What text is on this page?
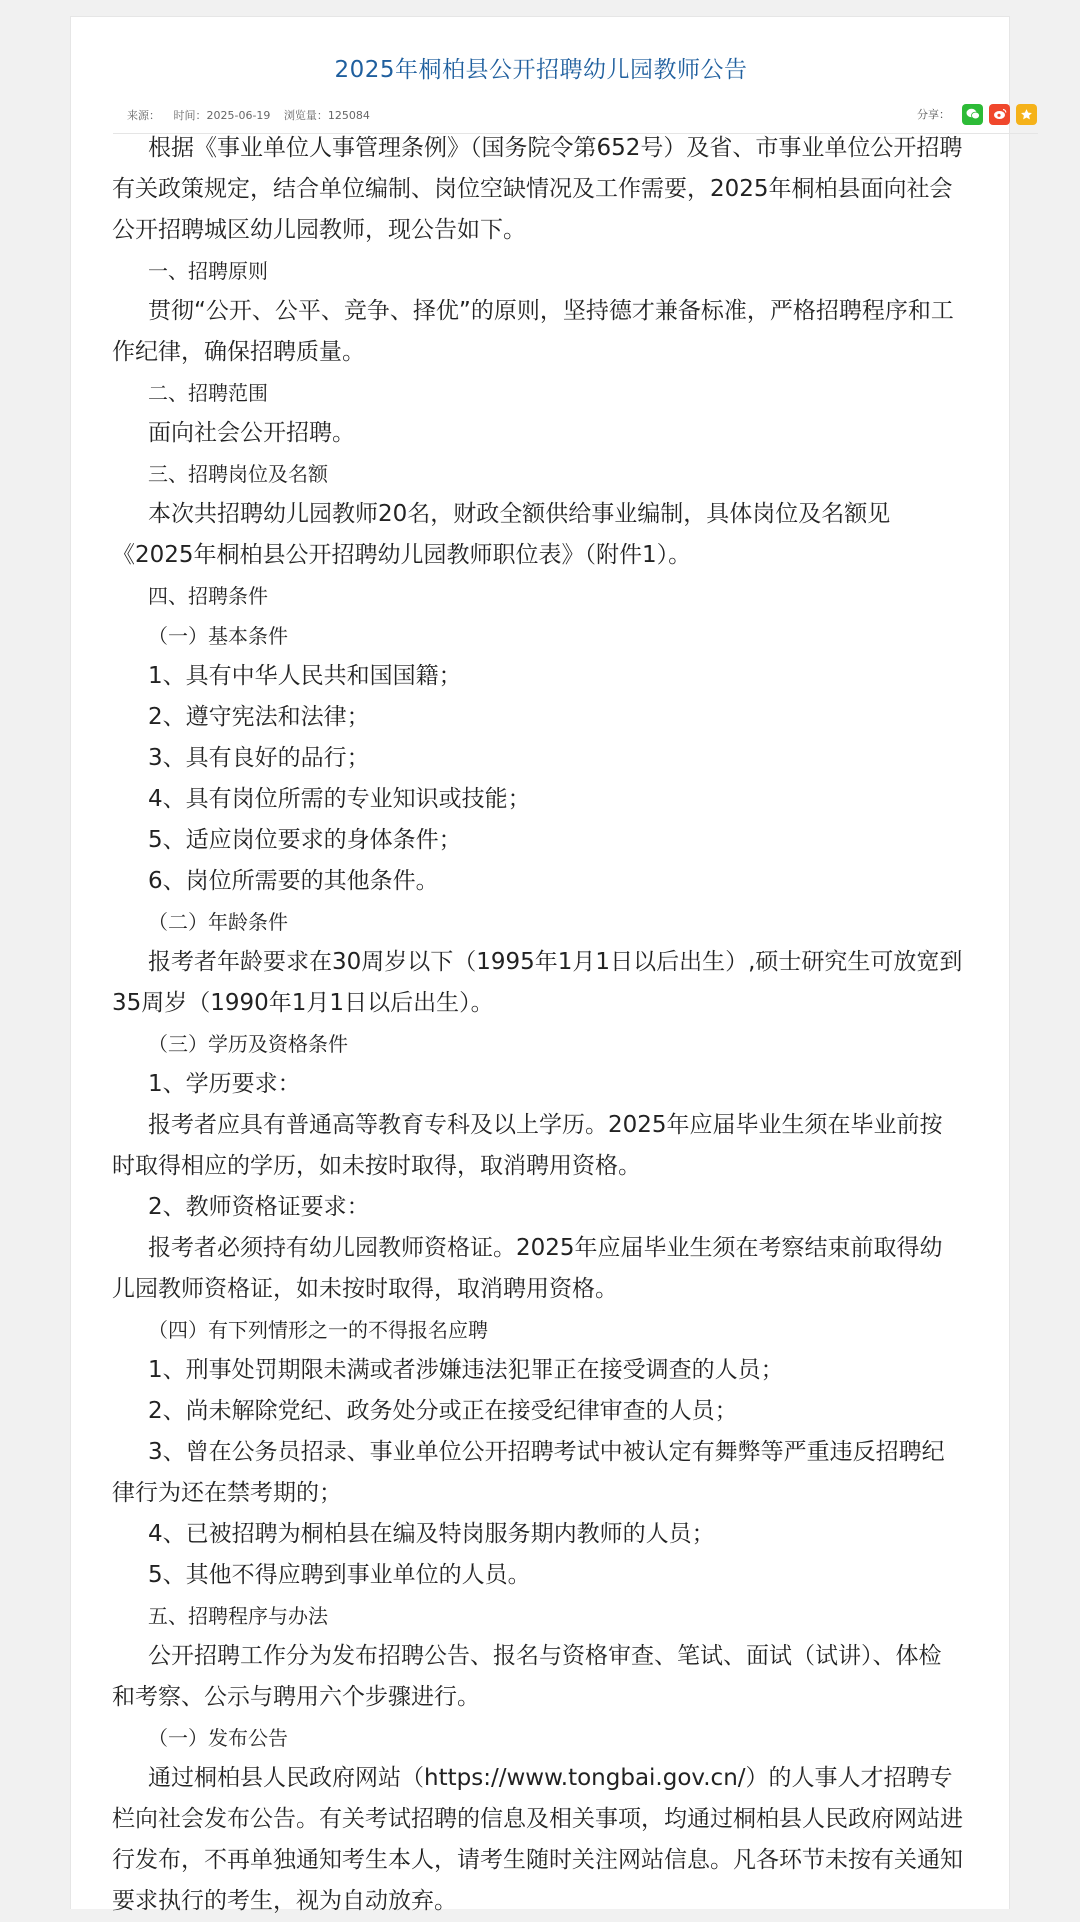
2025年桐柏县公开招聘幼儿园教师公告
来源： 时间：2025-06-19 浏览量：125084	分享：
根据《事业单位人事管理条例》（国务院令第652号）及省、市事业单位公开招聘有关政策规定，结合单位编制、岗位空缺情况及工作需要，2025年桐柏县面向社会公开招聘城区幼儿园教师，现公告如下。
一、招聘原则
贯彻“公开、公平、竞争、择优”的原则，坚持德才兼备标准，严格招聘程序和工作纪律，确保招聘质量。
二、招聘范围
面向社会公开招聘。
三、招聘岗位及名额
本次共招聘幼儿园教师20名，财政全额供给事业编制，具体岗位及名额见《2025年桐柏县公开招聘幼儿园教师职位表》（附件1）。
四、招聘条件
（一）基本条件
1、具有中华人民共和国国籍；
2、遵守宪法和法律；
3、具有良好的品行；
4、具有岗位所需的专业知识或技能；
5、适应岗位要求的身体条件；
6、岗位所需要的其他条件。
（二）年龄条件
报考者年龄要求在30周岁以下（1995年1月1日以后出生）,硕士研究生可放宽到35周岁（1990年1月1日以后出生）。
（三）学历及资格条件
1、学历要求：
报考者应具有普通高等教育专科及以上学历。2025年应届毕业生须在毕业前按时取得相应的学历，如未按时取得，取消聘用资格。
2、教师资格证要求：
报考者必须持有幼儿园教师资格证。2025年应届毕业生须在考察结束前取得幼儿园教师资格证，如未按时取得，取消聘用资格。
（四）有下列情形之一的不得报名应聘
1、刑事处罚期限未满或者涉嫌违法犯罪正在接受调查的人员；
2、尚未解除党纪、政务处分或正在接受纪律审查的人员；
3、曾在公务员招录、事业单位公开招聘考试中被认定有舞弊等严重违反招聘纪律行为还在禁考期的；
4、已被招聘为桐柏县在编及特岗服务期内教师的人员；
5、其他不得应聘到事业单位的人员。
五、招聘程序与办法
公开招聘工作分为发布招聘公告、报名与资格审查、笔试、面试（试讲）、体检和考察、公示与聘用六个步骤进行。
（一）发布公告
通过桐柏县人民政府网站（https://www.tongbai.gov.cn/）的人事人才招聘专栏向社会发布公告。有关考试招聘的信息及相关事项，均通过桐柏县人民政府网站进行发布，不再单独通知考生本人，请考生随时关注网站信息。凡各环节未按有关通知要求执行的考生，视为自动放弃。
